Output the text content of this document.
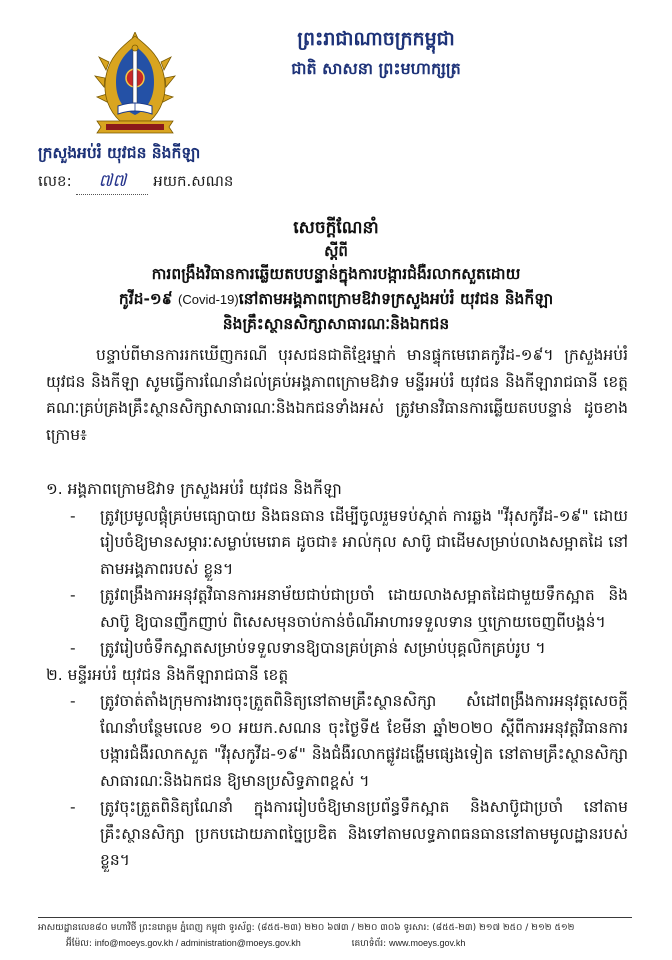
ព្រះរាជាណាចក្រកម្ពុជា
ជាតិ សាសនា ព្រះមហាក្សត្រ
ក្រសួងអប់រំ យុវជន និងកីឡា
លេខ: ៧៧ អយក.សណន
សេចក្តីណែនាំ
ស្តីពី
ការពង្រឹងវិធានការឆ្លើយតបបន្ទាន់ក្នុងការបង្ការជំងឺរលាកសួតដោយ
កូវីដ-១៩ (Covid-19)នៅតាមអង្គភាពក្រោមឱវាទក្រសួងអប់រំ យុវជន និងកីឡា
និងគ្រឹះស្ថានសិក្សាសាធារណៈនិងឯកជន

បន្ទាប់ពីមានការរកឃើញករណី បុរសជនជាតិខ្មែរម្នាក់ មានផ្ទុកមេរោគកូវីដ-១៩។ ក្រសួងអប់រំ យុវជន និងកីឡា សូមធ្វើការណែនាំដល់គ្រប់អង្គភាពក្រោមឱវាទ មន្ទីរអប់រំ យុវជន និងកីឡារាជធានី ខេត្ត គណៈគ្រប់គ្រងគ្រឹះស្ថានសិក្សាសាធារណៈនិងឯកជនទាំងអស់ ត្រូវមានវិធានការឆ្លើយតបបន្ទាន់ ដូចខាងក្រោម៖

១. អង្គភាពក្រោមឱវាទ ក្រសួងអប់រំ យុវជន និងកីឡា
- ត្រូវប្រមូលផ្តុំគ្រប់មធ្យោបាយ និងធនធាន ដើម្បីចូលរួមទប់ស្កាត់ ការឆ្លង "វីរុសកូវីដ-១៩" ដោយរៀបចំឱ្យមានសម្ភារៈសម្លាប់មេរោគ ដូចជា៖ អាល់កុល សាប៊ូ ជាដើមសម្រាប់លាងសម្អាតដៃ នៅតាមអង្គភាពរបស់ ខ្លួន។
- ត្រូវពង្រឹងការអនុវត្តវិធានការអនាម័យជាប់ជាប្រចាំ ដោយលាងសម្អាតដៃជាមួយទឹកស្អាត និងសាប៊ូ ឱ្យបានញឹកញាប់ ពិសេសមុនចាប់កាន់ចំណីអាហារទទួលទាន ឬក្រោយចេញពីបង្គន់។
- ត្រូវរៀបចំទឹកស្អាតសម្រាប់ទទួលទានឱ្យបានគ្រប់គ្រាន់ សម្រាប់បុគ្គលិកគ្រប់រូប ។
២. មន្ទីរអប់រំ យុវជន និងកីឡារាជធានី ខេត្ត
- ត្រូវចាត់តាំងក្រុមការងារចុះត្រួតពិនិត្យនៅតាមគ្រឹះស្ថានសិក្សា សំដៅពង្រឹងការអនុវត្តសេចក្តីណែនាំបន្ថែមលេខ ១០ អយក.សណន ចុះថ្ងៃទី៥ ខែមីនា ឆ្នាំ២០២០ ស្តីពីការអនុវត្តវិធានការបង្ការជំងឺរលាកសួត "វីរុសកូវីដ-១៩" និងជំងឺរលាកផ្លូវដង្ហើមផ្សេងទៀត នៅតាមគ្រឹះស្ថានសិក្សាសាធារណៈនិងឯកជន ឱ្យមានប្រសិទ្ធភាពខ្ពស់ ។
- ត្រូវចុះត្រួតពិនិត្យណែនាំ ក្នុងការរៀបចំឱ្យមានប្រព័ន្ធទឹកស្អាត និងសាប៊ូជាប្រចាំ នៅតាមគ្រឹះស្ថានសិក្សា ប្រកបដោយភាពច្នៃប្រឌិត និងទៅតាមលទ្ធភាពធនធាននៅតាមមូលដ្ឋានរបស់ខ្លួន។
អាសយដ្ឋានលេខ៨០ មហាវិថី ព្រះនរោត្តម ភ្នំពេញ កម្ពុជា ទូរស័ព្ទ: (៨៥៥-២៣) ២២០ ៦៧៣ / ២២០ ៣០៦ ទូរសារ: (៨៥៥-២៣) ២១៧ ២៥០ / ២១២ ៥១២
អ៊ីម៉ែល: info@moeys.gov.kh / administration@moeys.gov.kh	គេហទំព័រ: www.moeys.gov.kh
